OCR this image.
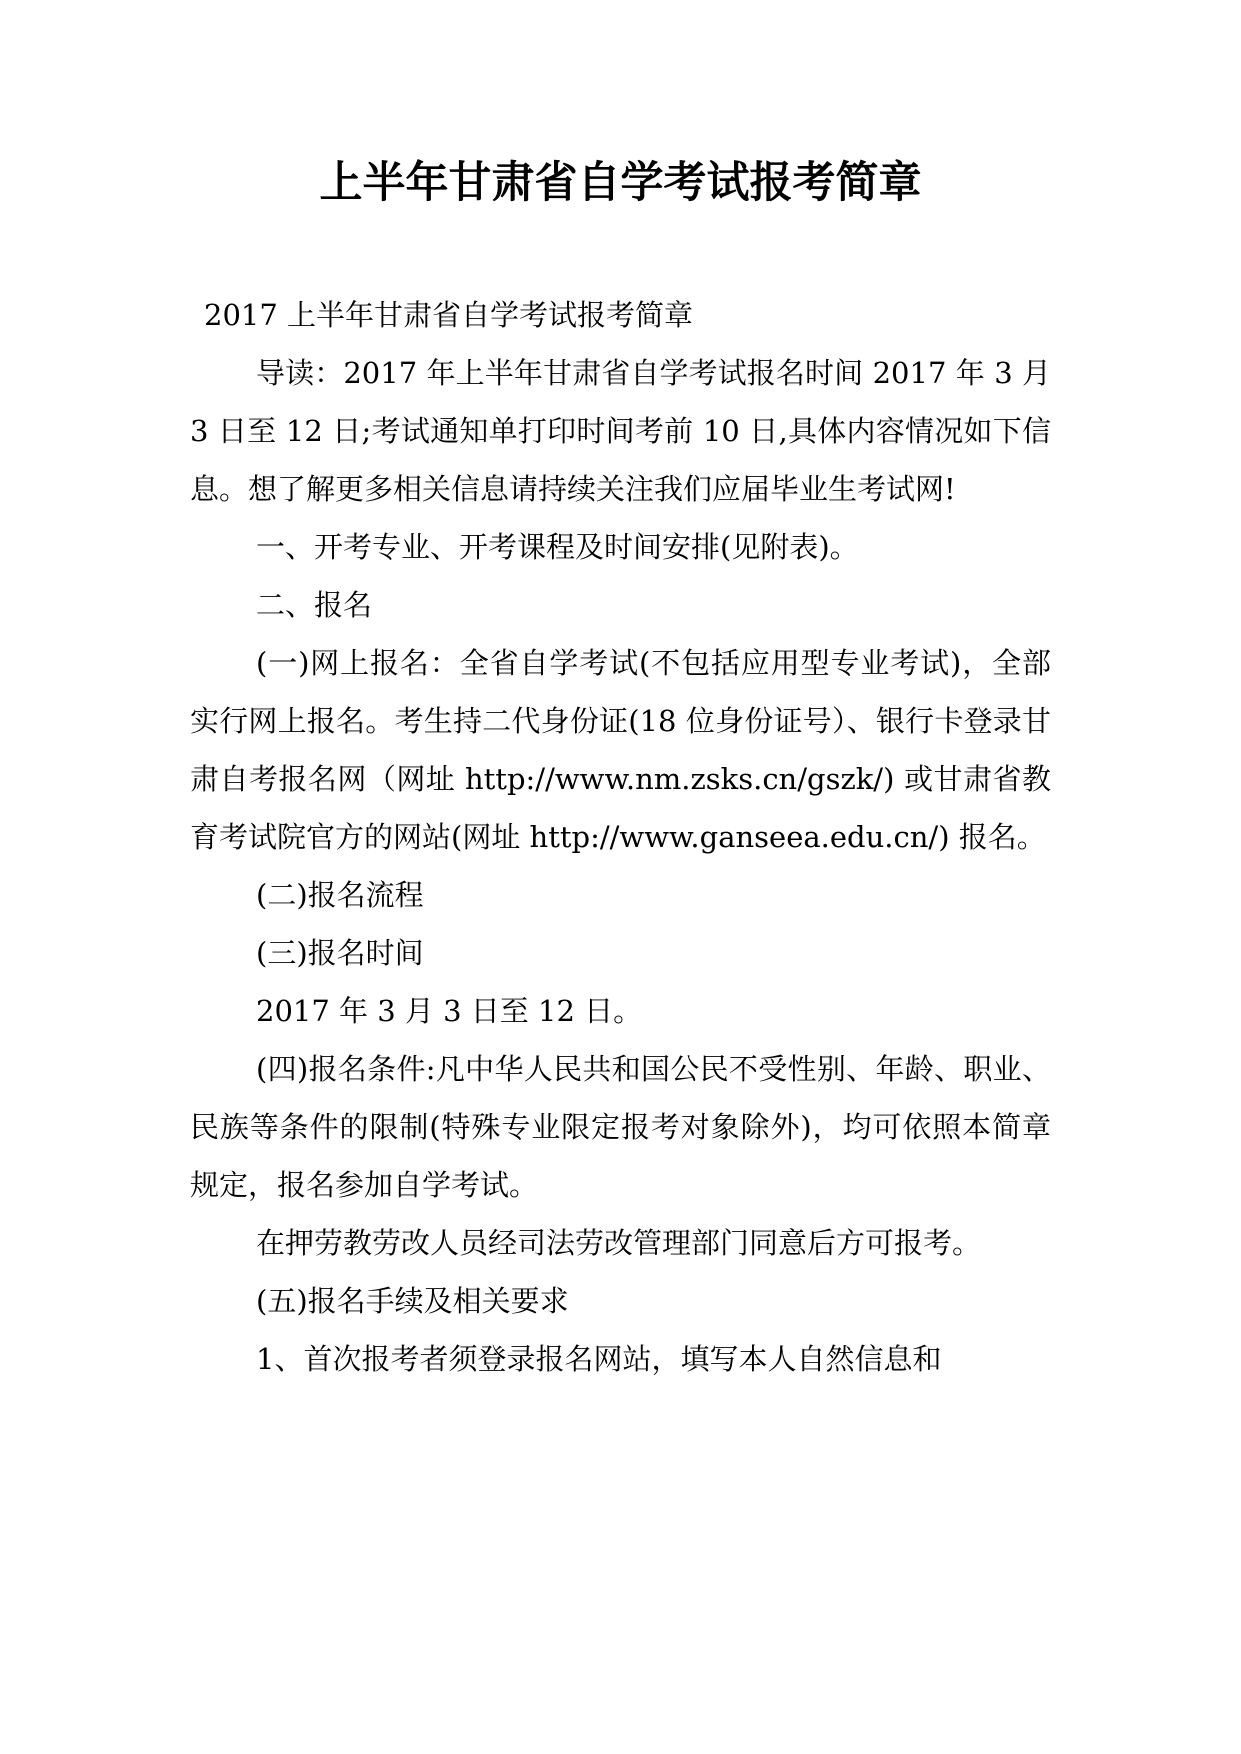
上半年甘肃省自学考试报考简章

2017 上半年甘肃省自学考试报考简章

导读：2017 年上半年甘肃省自学考试报名时间 2017 年 3 月 3 日至 12 日;考试通知单打印时间考前 10 日,具体内容情况如下信息。想了解更多相关信息请持续关注我们应届毕业生考试网!

一、开考专业、开考课程及时间安排(见附表)。

二、报名

(一)网上报名：全省自学考试(不包括应用型专业考试)，全部实行网上报名。考生持二代身份证(18 位身份证号）、银行卡登录甘肃自考报名网（网址 http://www.nm.zsks.cn/gszk/) 或甘肃省教育考试院官方的网站(网址 http://www.ganseea.edu.cn/) 报名。

(二)报名流程

(三)报名时间

2017 年 3 月 3 日至 12 日。

(四)报名条件:凡中华人民共和国公民不受性别、年龄、职业、民族等条件的限制(特殊专业限定报考对象除外)，均可依照本简章规定，报名参加自学考试。

在押劳教劳改人员经司法劳改管理部门同意后方可报考。

(五)报名手续及相关要求

1、首次报考者须登录报名网站，填写本人自然信息和
